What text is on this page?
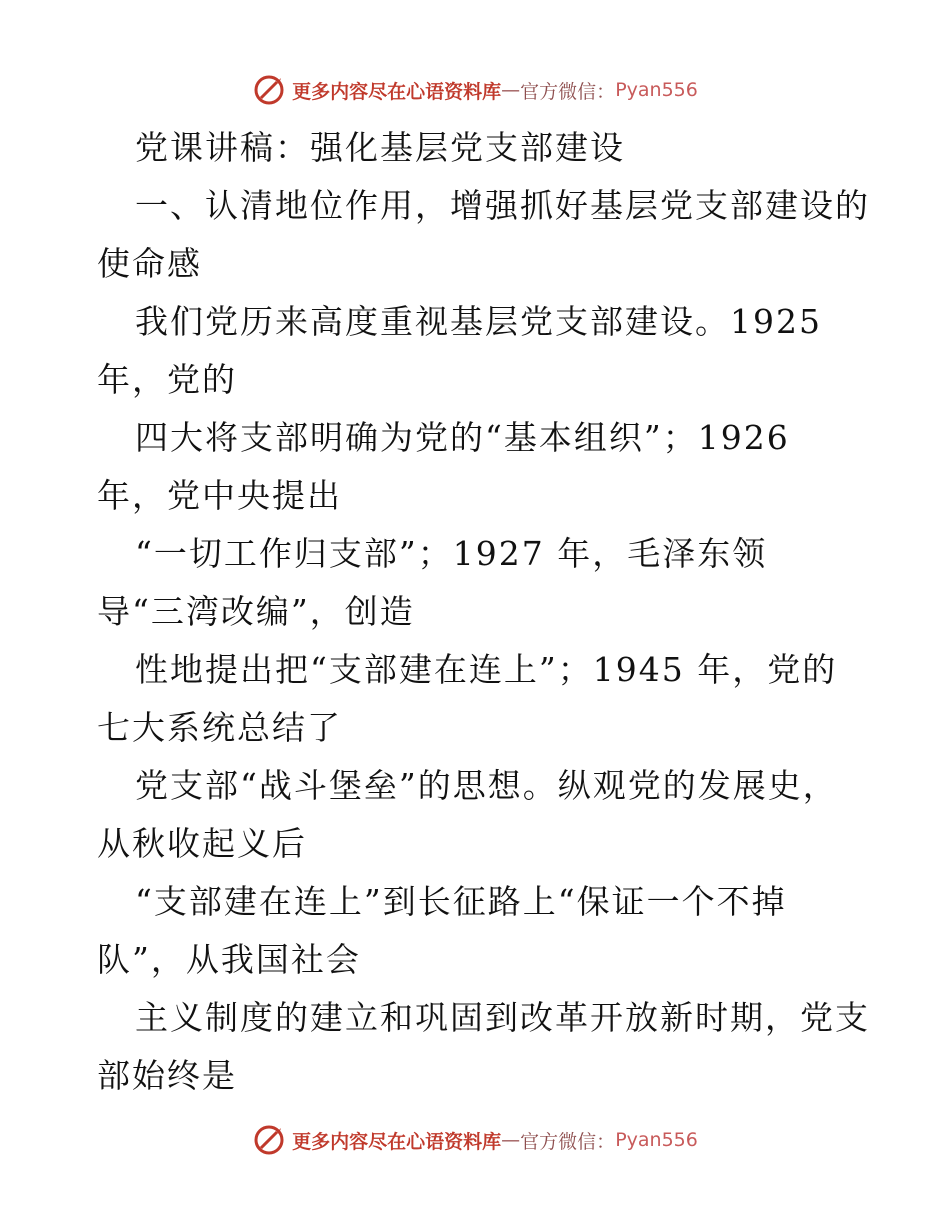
更多内容尽在心语资料库 — 官方微信： Pyan556
党课讲稿：强化基层党支部建设
一、认清地位作用，增强抓好基层党支部建设的
使命感
我们党历来高度重视基层党支部建设。1925
年，党的
四大将支部明确为党的“基本组织”；1926
年，党中央提出
“一切工作归支部”；1927 年，毛泽东领
导“三湾改编”，创造
性地提出把“支部建在连上”；1945 年，党的
七大系统总结了
党支部“战斗堡垒”的思想。纵观党的发展史，
从秋收起义后
“支部建在连上”到长征路上“保证一个不掉
队”，从我国社会
主义制度的建立和巩固到改革开放新时期，党支
部始终是
更多内容尽在心语资料库 — 官方微信： Pyan556
